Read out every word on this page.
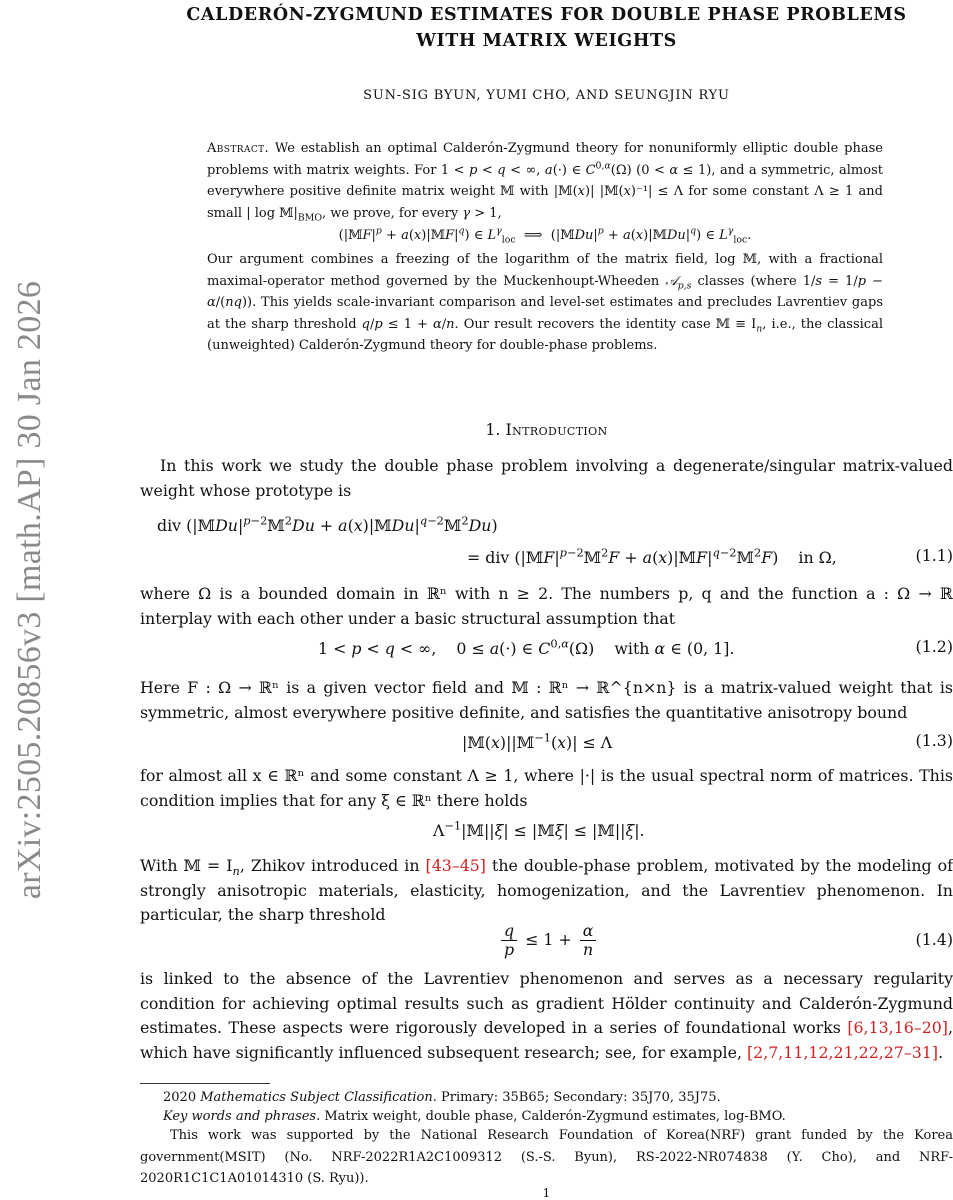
arXiv:2505.20856v3 [math.AP] 30 Jan 2026
CALDERÓN-ZYGMUND ESTIMATES FOR DOUBLE PHASE PROBLEMS
WITH MATRIX WEIGHTS
SUN-SIG BYUN, YUMI CHO, AND SEUNGJIN RYU
Abstract. We establish an optimal Calderón-Zygmund theory for nonuniformly elliptic double phase problems with matrix weights. For 1 < p < q < ∞, a(·) ∈ $C^{0,\alpha}(\Omega) (0 < \alpha \le 1)$, and a symmetric, almost everywhere positive definite matrix weight 𝕄 with |𝕄(x)| |𝕄(x)⁻¹| ≤ Λ for some constant Λ ≥ 1 and small | $\log 𝕄|_{BMO}$, we prove, for every γ > 1,
($|𝕄F|^p$ + $a(x)|𝕄F|^q$) ∈ $L^\gamma_{loc}$  ⟹  ($|𝕄Du|^p$ + $a(x)|𝕄Du|^q$) ∈ $L^\gamma_{loc}$.
Our argument combines a freezing of the logarithm of the matrix field, log 𝕄, with a fractional maximal-operator method governed by the Muckenhoupt-Wheeden 𝒜$_{p,s}$ classes (where 1/s = 1/p − α/(nq)). This yields scale-invariant comparison and level-set estimates and precludes Lavrentiev gaps at the sharp threshold q/p ≤ 1 + α/n. Our result recovers the identity case 𝕄 ≡ $I_n$, i.e., the classical (unweighted) Calderón-Zygmund theory for double-phase problems.
1. Introduction
In this work we study the double phase problem involving a degenerate/singular matrix-valued weight whose prototype is
div ($|𝕄Du|^{p-2}𝕄^2Du$ + $a(x)|𝕄Du|^{q-2}𝕄^2Du$)
= div ($|𝕄F|^{p-2}𝕄^2F$ + $a(x)|𝕄F|^{q-2}𝕄^2F$)    in Ω,	(1.1)
where Ω is a bounded domain in ℝⁿ with n ≥ 2. The numbers p, q and the function a : Ω → ℝ interplay with each other under a basic structural assumption that
1 < p < q < ∞,    0 ≤ a(·) ∈ $C^{0,\alpha}(\Omega)$    with α ∈ (0, 1].	(1.2)
Here F : Ω → ℝⁿ is a given vector field and 𝕄 : ℝⁿ → ℝ^{n×n} is a matrix-valued weight that is symmetric, almost everywhere positive definite, and satisfies the quantitative anisotropy bound
|𝕄(x)||𝕄$^{-1}$(x)| ≤ Λ	(1.3)
for almost all x ∈ ℝⁿ and some constant Λ ≥ 1, where |·| is the usual spectral norm of matrices. This condition implies that for any ξ ∈ ℝⁿ there holds
$\Lambda^{-1}|𝕄||\xi|$ ≤ |𝕄ξ| ≤ |𝕄||ξ|.
With 𝕄 = $I_n$, Zhikov introduced in [43–45] the double-phase problem, motivated by the modeling of strongly anisotropic materials, elasticity, homogenization, and the Lavrentiev phenomenon. In particular, the sharp threshold
$\frac{q}{p} \le 1 + \frac{\alpha}{n}$	(1.4)
is linked to the absence of the Lavrentiev phenomenon and serves as a necessary regularity condition for achieving optimal results such as gradient Hölder continuity and Calderón-Zygmund estimates. These aspects were rigorously developed in a series of foundational works [6,13,16–20], which have significantly influenced subsequent research; see, for example, [2,7,11,12,21,22,27–31].
2020 Mathematics Subject Classification. Primary: 35B65; Secondary: 35J70, 35J75.
Key words and phrases. Matrix weight, double phase, Calderón-Zygmund estimates, log-BMO.
This work was supported by the National Research Foundation of Korea(NRF) grant funded by the Korea government(MSIT) (No. NRF-2022R1A2C1009312 (S.-S. Byun), RS-2022-NR074838 (Y. Cho), and NRF-2020R1C1C1A01014310 (S. Ryu)).
1
